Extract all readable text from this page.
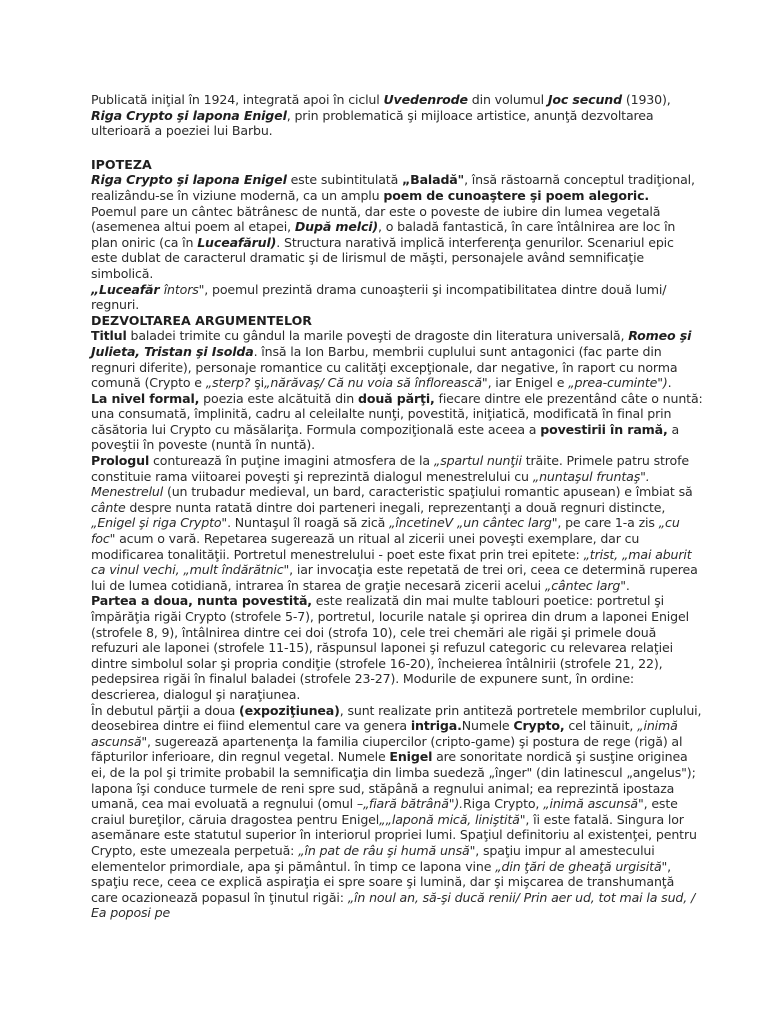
Publicată iniţial în 1924, integrată apoi în ciclul Uvedenrode din volumul Joc secund (1930), Riga Crypto şi lapona Enigel, prin problematică şi mijloace artistice, anunţă dezvoltarea ulterioară a poeziei lui Barbu.

IPOTEZA

Riga Crypto şi lapona Enigel este subintitulată „Baladă", însă răstoarnă conceptul tradiţional, realizându-se în viziune modernă, ca un amplu poem de cunoaştere şi poem alegoric.

Poemul pare un cântec bătrânesc de nuntă, dar este o poveste de iubire din lumea vegetală (asemenea altui poem al etapei, După melci), o baladă fantastică, în care întâlnirea are loc în plan oniric (ca în Luceafărul). Structura narativă implică interferenţa genurilor. Scenariul epic este dublat de caracterul dramatic şi de lirismul de măşti, personajele având semnificaţie simbolică.

„Luceafăr întors", poemul prezintă drama cunoaşterii şi incompatibilitatea dintre două lumi/ regnuri.

DEZVOLTAREA ARGUMENTELOR

Titlul baladei trimite cu gândul la marile poveşti de dragoste din literatura universală, Romeo şi Julieta, Tristan şi Isolda. însă la Ion Barbu, membrii cuplului sunt antagonici (fac parte din regnuri diferite), personaje romantice cu calităţi excepţionale, dar negative, în raport cu norma comună (Crypto e „sterp? şi„nărăvaş/ Că nu voia să înflorească", iar Enigel e „prea-cuminte").

La nivel formal, poezia este alcătuită din două părţi, fiecare dintre ele prezentând câte o nuntă: una consumată, împlinită, cadru al celeilalte nunţi, povestită, iniţiatică, modificată în final prin căsătoria lui Crypto cu măsălariţa. Formula compoziţională este aceea a povestirii în ramă, a poveştii în poveste (nuntă în nuntă).

Prologul conturează în puţine imagini atmosfera de la „spartul nunţii trăite. Primele patru strofe constituie rama viitoarei poveşti şi reprezintă dialogul menestrelului cu „nuntaşul fruntaş". Menestrelul (un trubadur medieval, un bard, caracteristic spaţiului romantic apusean) e îmbiat să cânte despre nunta ratată dintre doi parteneri inegali, reprezentanţi a două regnuri distincte, „Enigel şi riga Crypto". Nuntaşul îl roagă să zică „încetineV „un cântec larg", pe care 1-a zis „cu foc" acum o vară. Repetarea sugerează un ritual al zicerii unei poveşti exemplare, dar cu modificarea tonalităţii. Portretul menestrelului - poet este fixat prin trei epitete: „trist, „mai aburit ca vinul vechi, „mult îndărătnic", iar invocaţia este repetată de trei ori, ceea ce determină ruperea lui de lumea cotidiană, intrarea în starea de graţie necesară zicerii acelui „cântec larg".

Partea a doua, nunta povestită, este realizată din mai multe tablouri poetice: portretul şi împărăţia rigăi Crypto (strofele 5-7), portretul, locurile natale şi oprirea din drum a laponei Enigel (strofele 8, 9), întâlnirea dintre cei doi (strofa 10), cele trei chemări ale rigăi şi primele două refuzuri ale laponei (strofele 11-15), răspunsul laponei şi refuzul categoric cu relevarea relaţiei dintre simbolul solar şi propria condiţie (strofele 16-20), încheierea întâlnirii (strofele 21, 22), pedepsirea rigăi în finalul baladei (strofele 23-27). Modurile de expunere sunt, în ordine: descrierea, dialogul şi naraţiunea.

În debutul părţii a doua (expoziţiunea), sunt realizate prin antiteză portretele membrilor cuplului, deosebirea dintre ei fiind elementul care va genera intriga.Numele Crypto, cel tăinuit, „inimă ascunsă", sugerează apartenenţa la familia ciupercilor (cripto-game) şi postura de rege (rigă) al făpturilor inferioare, din regnul vegetal. Numele Enigel are sonoritate nordică şi susţine originea ei, de la pol şi trimite probabil la semnificaţia din limba suedeză „înger" (din latinescul „angelus"); lapona îşi conduce turmele de reni spre sud, stăpână a regnului animal; ea reprezintă ipostaza umană, cea mai evoluată a regnului (omul –„fiară bătrână").Riga Crypto, „inimă ascunsă", este craiul bureţilor, căruia dragostea pentru Enigel„„laponă mică, liniştită", îi este fatală. Singura lor asemănare este statutul superior în interiorul propriei lumi. Spaţiul definitoriu al existenţei, pentru Crypto, este umezeala perpetuă: „în pat de râu şi humă unsă", spaţiu impur al amestecului elementelor primordiale, apa şi pământul. în timp ce lapona vine „din ţări de gheaţă urgisită", spaţiu rece, ceea ce explică aspiraţia ei spre soare şi lumină, dar şi mişcarea de transhumanţă care ocazionează popasul în ţinutul rigăi: „în noul an, să-şi ducă renii/ Prin aer ud, tot mai la sud, / Ea poposi pe
